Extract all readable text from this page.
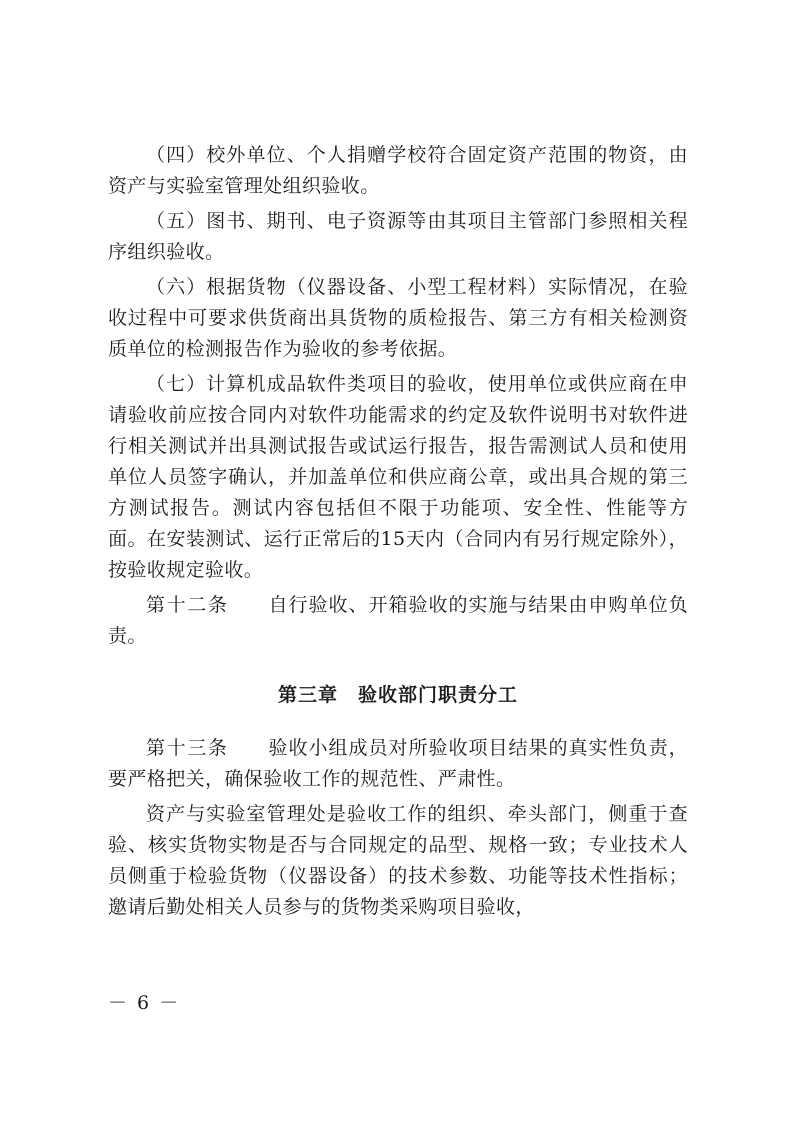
（四）校外单位、个人捐赠学校符合固定资产范围的物资，由资产与实验室管理处组织验收。

（五）图书、期刊、电子资源等由其项目主管部门参照相关程序组织验收。

（六）根据货物（仪器设备、小型工程材料）实际情况，在验收过程中可要求供货商出具货物的质检报告、第三方有相关检测资质单位的检测报告作为验收的参考依据。

（七）计算机成品软件类项目的验收，使用单位或供应商在申请验收前应按合同内对软件功能需求的约定及软件说明书对软件进行相关测试并出具测试报告或试运行报告，报告需测试人员和使用单位人员签字确认，并加盖单位和供应商公章，或出具合规的第三方测试报告。测试内容包括但不限于功能项、安全性、性能等方面。在安装测试、运行正常后的15天内（合同内有另行规定除外），按验收规定验收。

第十二条　　 自行验收、开箱验收的实施与结果由申购单位负责。

第三章　验收部门职责分工

第十三条　　 验收小组成员对所验收项目结果的真实性负责，要严格把关，确保验收工作的规范性、严肃性。

资产与实验室管理处是验收工作的组织、牵头部门，侧重于查验、核实货物实物是否与合同规定的品型、规格一致；专业技术人员侧重于检验货物（仪器设备）的技术参数、功能等技术性指标；邀请后勤处相关人员参与的货物类采购项目验收，

－ 6 －
